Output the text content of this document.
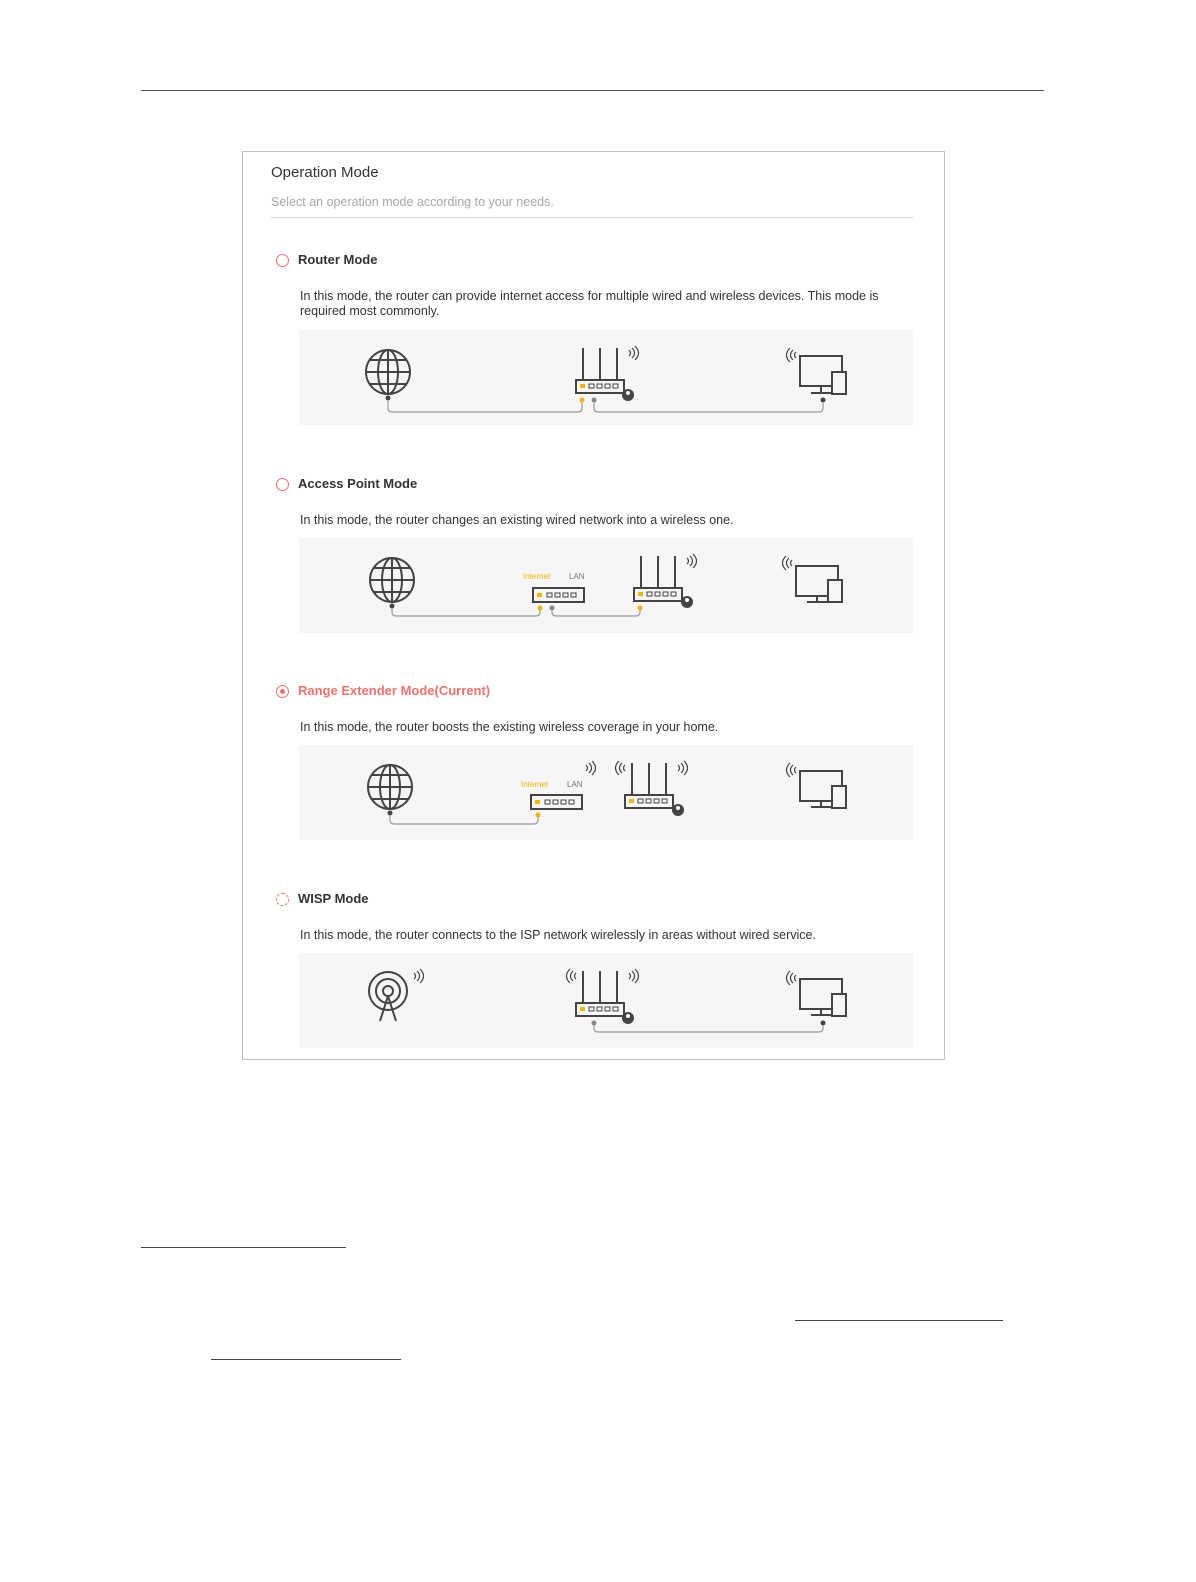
Operation Mode
Select an operation mode according to your needs.
Router Mode
In this mode, the router can provide internet access for multiple wired and wireless devices. This mode is required most commonly.
Access Point Mode
In this mode, the router changes an existing wired network into a wireless one.
Internet LAN
Range Extender Mode(Current)
In this mode, the router boosts the existing wireless coverage in your home.
Internet LAN
WISP Mode
In this mode, the router connects to the ISP network wirelessly in areas without wired service.
